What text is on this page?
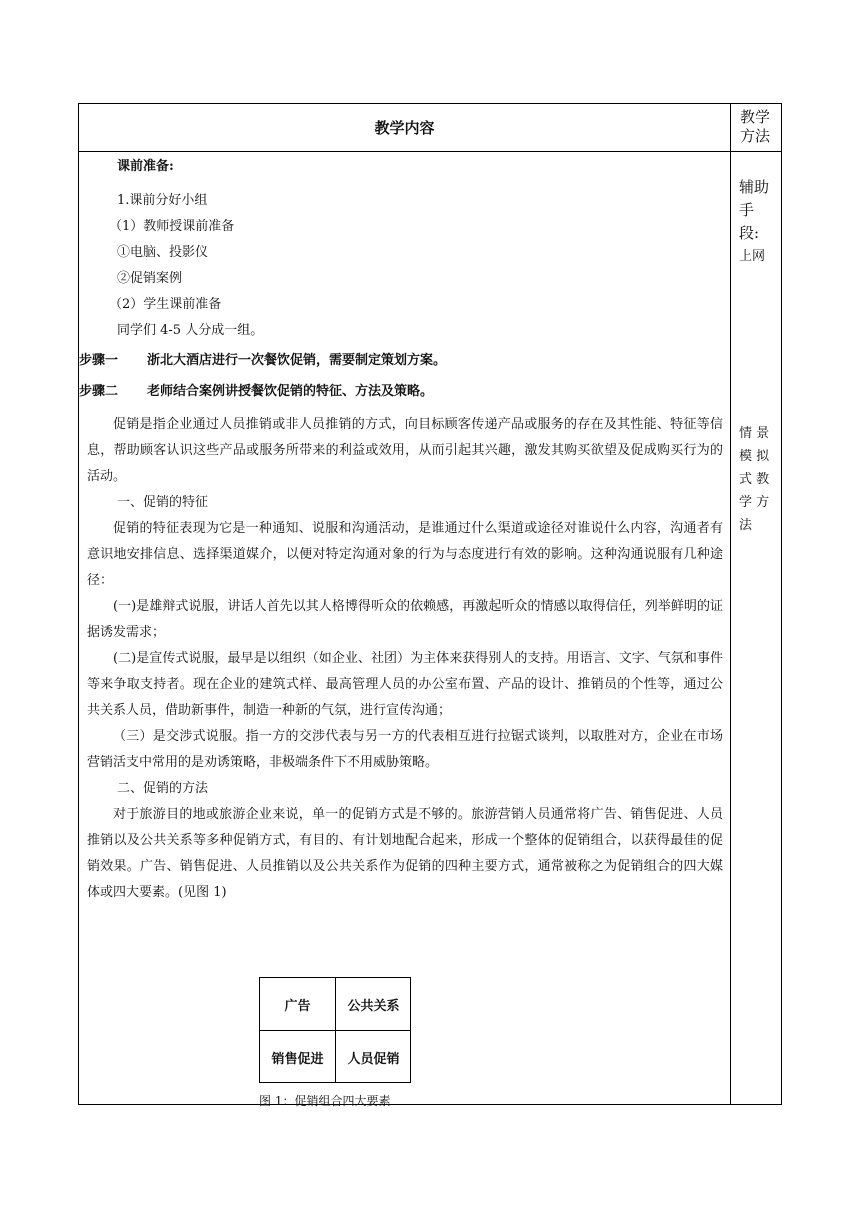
教学内容
教学
方法
课前准备:
1.课前分好小组
（1）教师授课前准备
①电脑、投影仪
②促销案例
（2）学生课前准备
同学们 4-5 人分成一组。
步骤一	浙北大酒店进行一次餐饮促销，需要制定策划方案。
步骤二	老师结合案例讲授餐饮促销的特征、方法及策略。
促销是指企业通过人员推销或非人员推销的方式，向目标顾客传递产品或服务的存在及其性能、特征等信息，帮助顾客认识这些产品或服务所带来的利益或效用，从而引起其兴趣，激发其购买欲望及促成购买行为的活动。
一、促销的特征
促销的特征表现为它是一种通知、说服和沟通活动，是谁通过什么渠道或途径对谁说什么内容，沟通者有意识地安排信息、选择渠道媒介，以便对特定沟通对象的行为与态度进行有效的影响。这种沟通说服有几种途径：
(一)是雄辩式说服，讲话人首先以其人格博得听众的依赖感，再激起听众的情感以取得信任，列举鲜明的证据诱发需求；
(二)是宣传式说服，最早是以组织（如企业、社团）为主体来获得别人的支持。用语言、文字、气氛和事件等来争取支持者。现在企业的建筑式样、最高管理人员的办公室布置、产品的设计、推销员的个性等，通过公共关系人员，借助新事件，制造一种新的气氛，进行宣传沟通；
（三）是交涉式说服。指一方的交涉代表与另一方的代表相互进行拉锯式谈判，以取胜对方，企业在市场营销活支中常用的是劝诱策略，非极端条件下不用威胁策略。
二、促销的方法
对于旅游目的地或旅游企业来说，单一的促销方式是不够的。旅游营销人员通常将广告、销售促进、人员推销以及公共关系等多种促销方式，有目的、有计划地配合起来，形成一个整体的促销组合，以获得最佳的促销效果。广告、销售促进、人员推销以及公共关系作为促销的四种主要方式，通常被称之为促销组合的四大媒体或四大要素。(见图 1)
广告	公共关系
销售促进	人员促销
图 1：促销组合四大要素
辅助
手
段:
上网
情 景
模 拟
式 教
学 方
法
